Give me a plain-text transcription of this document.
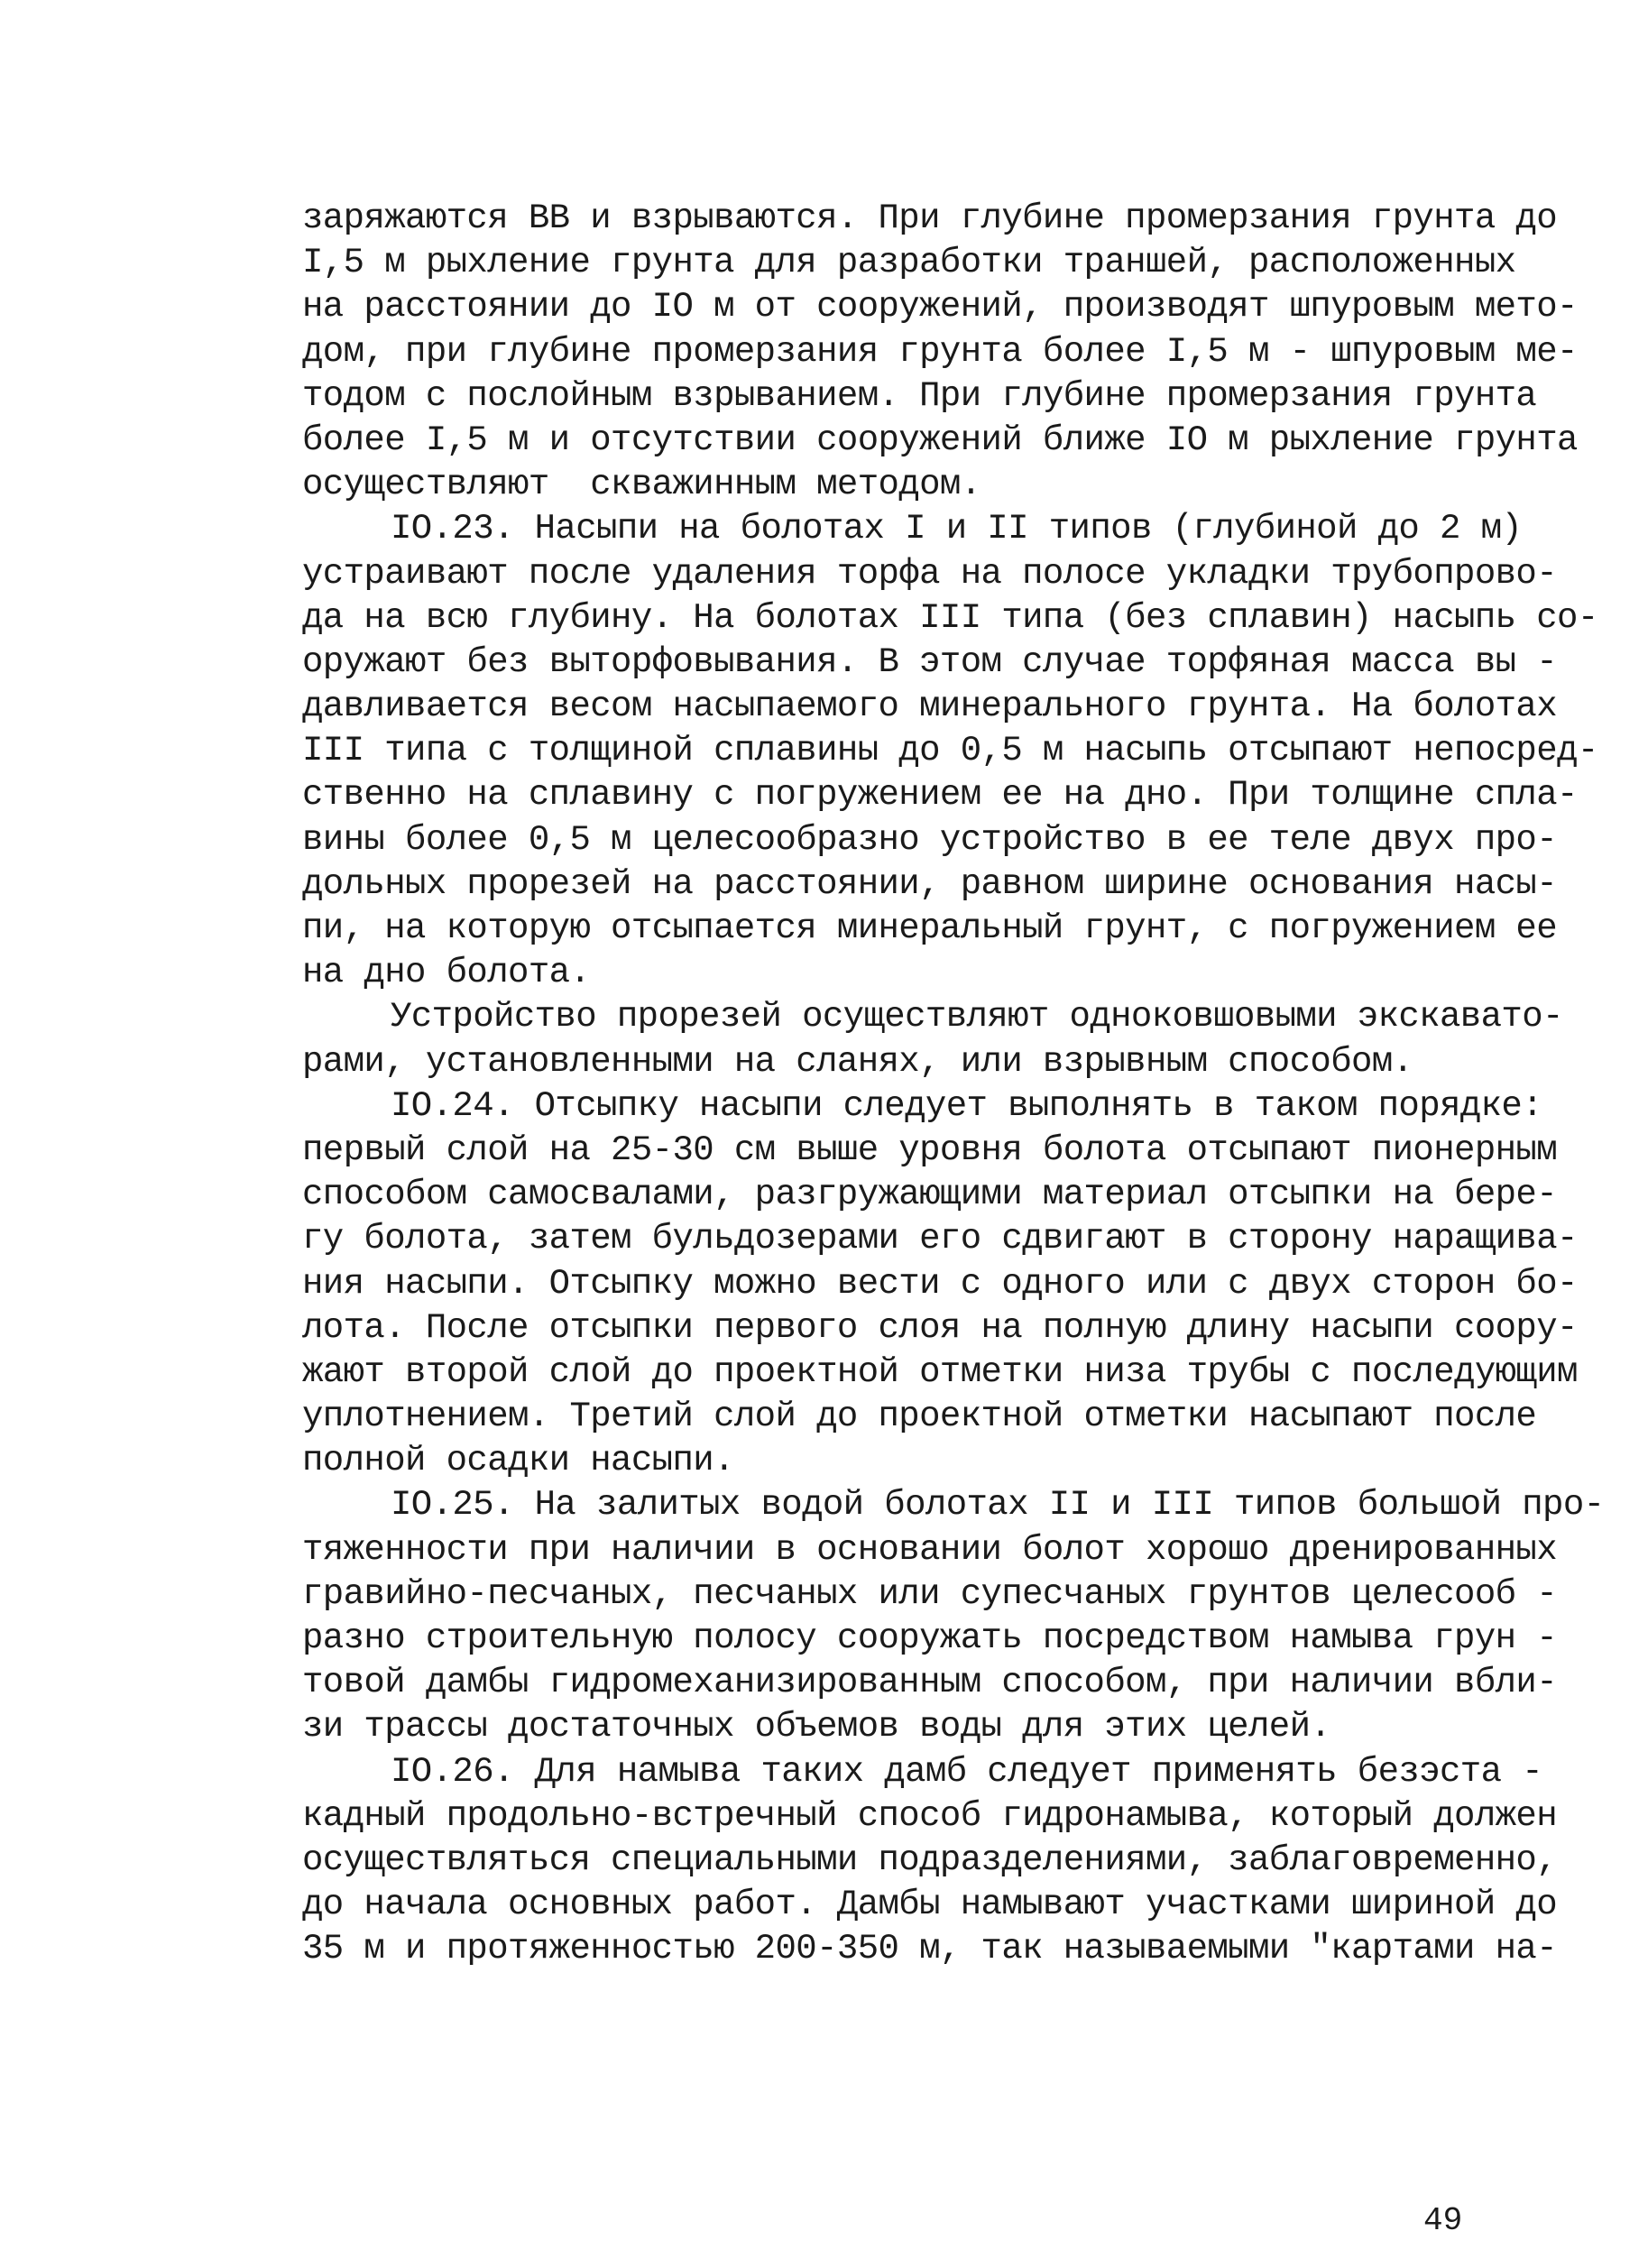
заряжаются ВВ и взрываются. При глубине промерзания грунта до
I,5 м рыхление грунта для разработки траншей, расположенных
на расстоянии до IO м от сооружений, производят шпуровым мето-
дом, при глубине промерзания грунта более I,5 м - шпуровым ме-
тодом с послойным взрыванием. При глубине промерзания грунта
более I,5 м и отсутствии сооружений ближе IO м рыхление грунта
осуществляют  скважинным методом.
IO.23. Насыпи на болотах I и II типов (глубиной до 2 м)
устраивают после удаления торфа на полосе укладки трубопрово-
да на всю глубину. На болотах III типа (без сплавин) насыпь со-
оружают без выторфовывания. В этом случае торфяная масса вы -
давливается весом насыпаемого минерального грунта. На болотах
III типа с толщиной сплавины до 0,5 м насыпь отсыпают непосред-
ственно на сплавину с погружением ее на дно. При толщине спла-
вины более 0,5 м целесообразно устройство в ее теле двух про-
дольных прорезей на расстоянии, равном ширине основания насы-
пи, на которую отсыпается минеральный грунт, с погружением ее
на дно болота.
Устройство прорезей осуществляют одноковшовыми экскавато-
рами, установленными на сланях, или взрывным способом.
IO.24. Отсыпку насыпи следует выполнять в таком порядке:
первый слой на 25-30 см выше уровня болота отсыпают пионерным
способом самосвалами, разгружающими материал отсыпки на бере-
гу болота, затем бульдозерами его сдвигают в сторону наращива-
ния насыпи. Отсыпку можно вести с одного или с двух сторон бо-
лота. После отсыпки первого слоя на полную длину насыпи соору-
жают второй слой до проектной отметки низа трубы с последующим
уплотнением. Третий слой до проектной отметки насыпают после
полной осадки насыпи.
IO.25. На залитых водой болотах II и III типов большой про-
тяженности при наличии в основании болот хорошо дренированных
гравийно-песчаных, песчаных или супесчаных грунтов целесооб -
разно строительную полосу сооружать посредством намыва грун -
товой дамбы гидромеханизированным способом, при наличии вбли-
зи трассы достаточных объемов воды для этих целей.
IO.26. Для намыва таких дамб следует применять безэста -
кадный продольно-встречный способ гидронамыва, который должен
осуществляться специальными подразделениями, заблаговременно,
до начала основных работ. Дамбы намывают участками шириной до
35 м и протяженностью 200-350 м, так называемыми "картами на-
49
